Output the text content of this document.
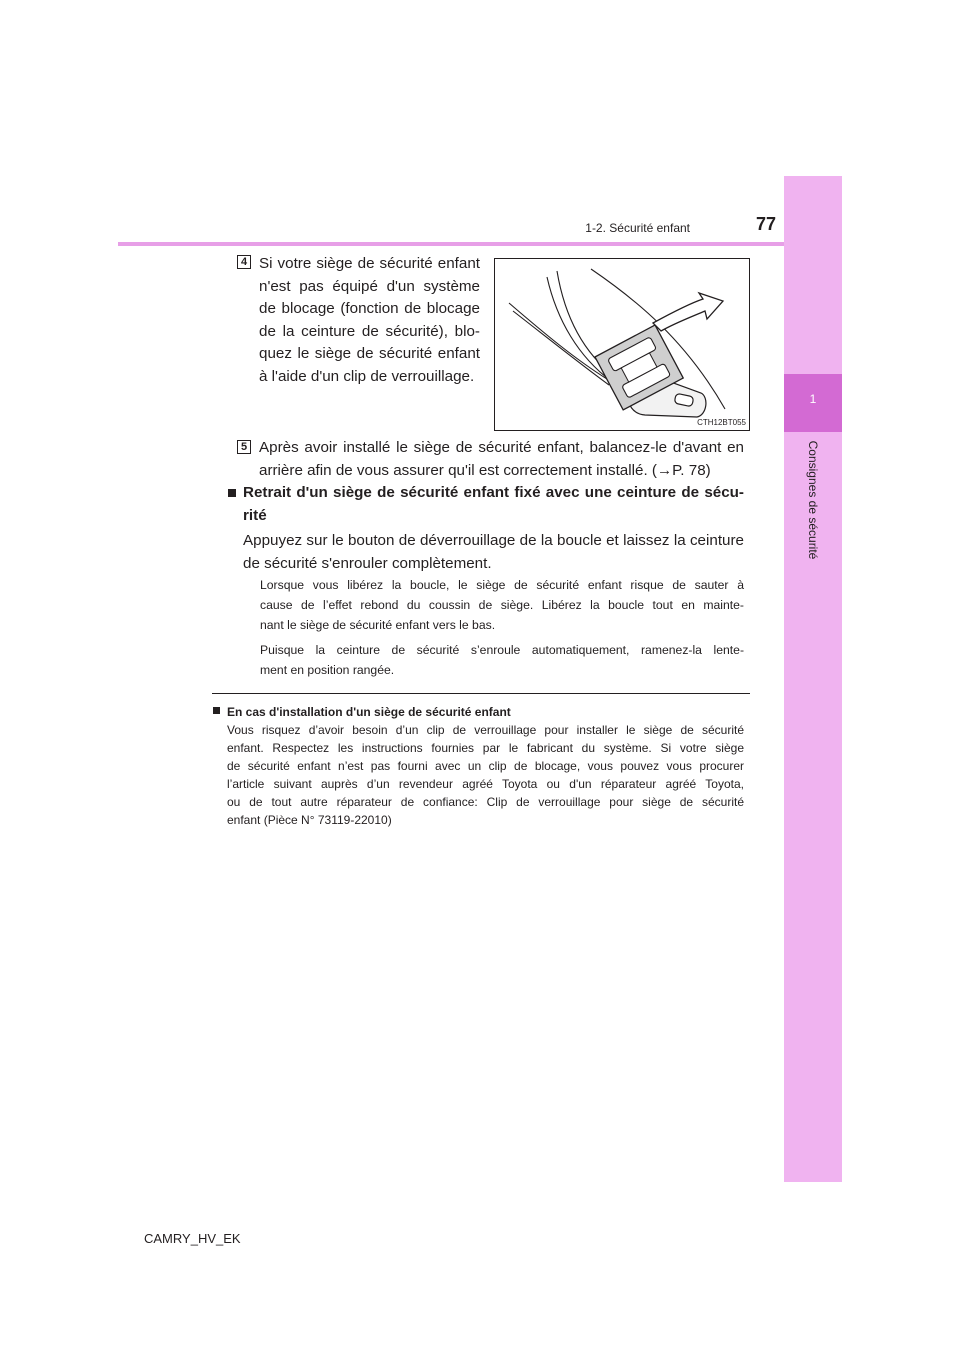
1
Consignes de sécurité
1-2. Sécurité enfant	77
4 Si votre siège de sécurité enfant
n'est pas équipé d'un système
de blocage (fonction de blocage
de la ceinture de sécurité), blo-
quez le siège de sécurité enfant
à l'aide d'un clip de verrouillage.
CTH12BT055
5 Après avoir installé le siège de sécurité enfant, balancez-le d'avant en
arrière afin de vous assurer qu'il est correctement installé. (→P. 78)
Retrait d'un siège de sécurité enfant fixé avec une ceinture de sécu-
rité
Appuyez sur le bouton de déverrouillage de la boucle et laissez la ceinture
de sécurité s'enrouler complètement.
Lorsque vous libérez la boucle, le siège de sécurité enfant risque de sauter à
cause de l’effet rebond du coussin de siège. Libérez la boucle tout en mainte-
nant le siège de sécurité enfant vers le bas.
Puisque la ceinture de sécurité s’enroule automatiquement, ramenez-la lente-
ment en position rangée.
En cas d'installation d'un siège de sécurité enfant
Vous risquez d’avoir besoin d’un clip de verrouillage pour installer le siège de sécurité
enfant. Respectez les instructions fournies par le fabricant du système. Si votre siège
de sécurité enfant n’est pas fourni avec un clip de blocage, vous pouvez vous procurer
l’article suivant auprès d’un revendeur agréé Toyota ou d'un réparateur agréé Toyota,
ou de tout autre réparateur de confiance: Clip de verrouillage pour siège de sécurité
enfant (Pièce N° 73119-22010)
CAMRY_HV_EK
